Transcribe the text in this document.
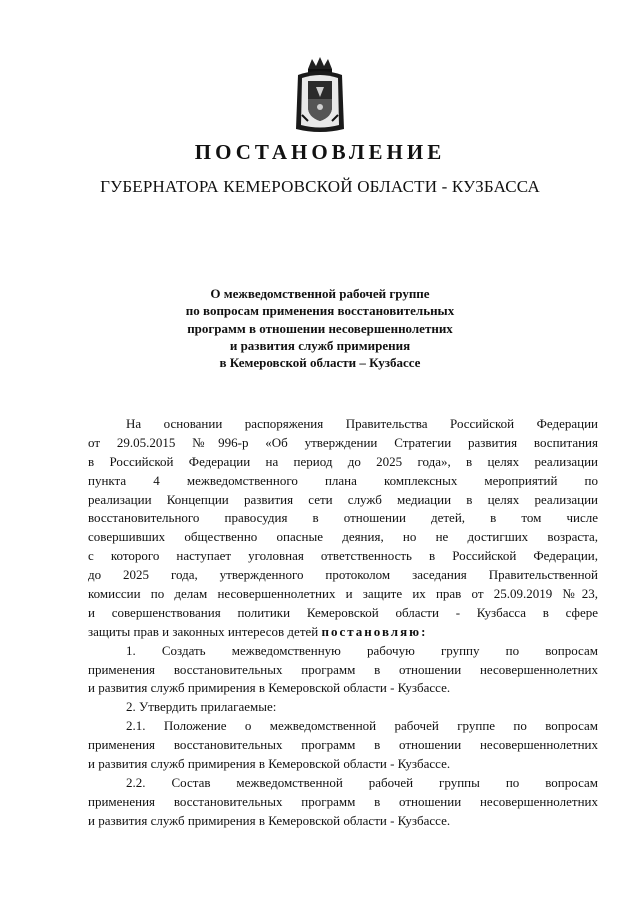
ПОСТАНОВЛЕНИЕ
ГУБЕРНАТОРА КЕМЕРОВСКОЙ ОБЛАСТИ - КУЗБАССА
О межведомственной рабочей группе
по вопросам применения восстановительных
программ в отношении несовершеннолетних
и развития служб примирения
в Кемеровской области – Кузбассе
На основании распоряжения Правительства Российской Федерации
от 29.05.2015 №996-р «Об утверждении Стратегии развития воспитания
в Российской Федерации на период до 2025 года», в целях реализации
пункта 4 межведомственного плана комплексных мероприятий по
реализации Концепции развития сети служб медиации в целях реализации
восстановительного правосудия в отношении детей, в том числе
совершивших общественно опасные деяния, но не достигших возраста,
с которого наступает уголовная ответственность в Российской Федерации,
до 2025 года, утвержденного протоколом заседания Правительственной
комиссии по делам несовершеннолетних и защите их прав от 25.09.2019 №23,
и совершенствования политики Кемеровской области - Кузбасса в сфере
защиты прав и законных интересов детей постановляю:
1. Создать межведомственную рабочую группу по вопросам
применения восстановительных программ в отношении несовершеннолетних
и развития служб примирения в Кемеровской области - Кузбассе.
2. Утвердить прилагаемые:
2.1. Положение о межведомственной рабочей группе по вопросам
применения восстановительных программ в отношении несовершеннолетних
и развития служб примирения в Кемеровской области - Кузбассе.
2.2. Состав межведомственной рабочей группы по вопросам
применения восстановительных программ в отношении несовершеннолетних
и развития служб примирения в Кемеровской области - Кузбассе.
